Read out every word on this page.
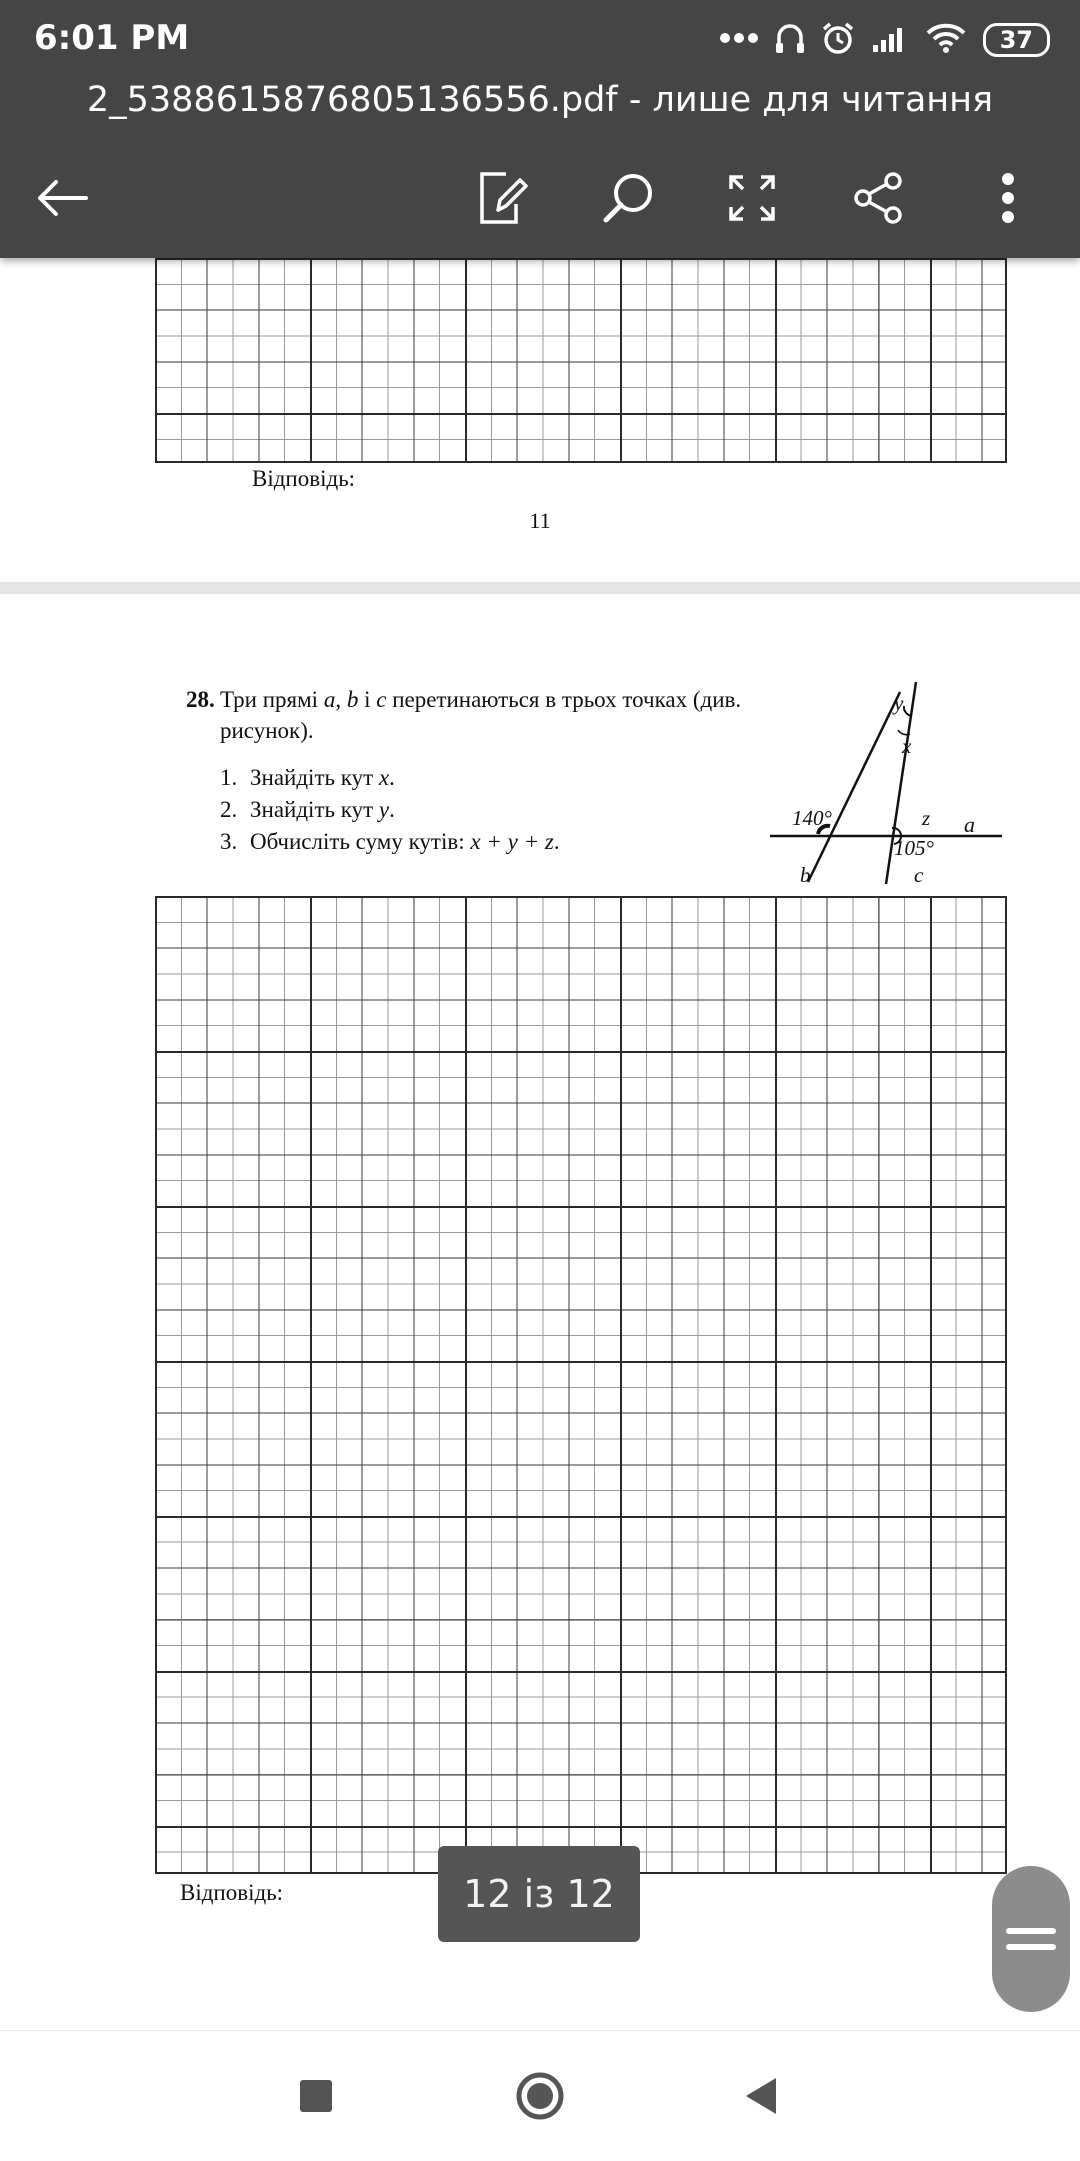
6:01 PM	37
2_5388615876805136556.pdf - лише для читання
Відповідь:
11
28. Три прямі a, b і c перетинаються в трьох точках (див. рисунок).
1. Знайдіть кут x.
2. Знайдіть кут y.
3. Обчисліть суму кутів: x + y + z.
y
x
140°	z a
105°
b	c
Відповідь:	12 із 12
